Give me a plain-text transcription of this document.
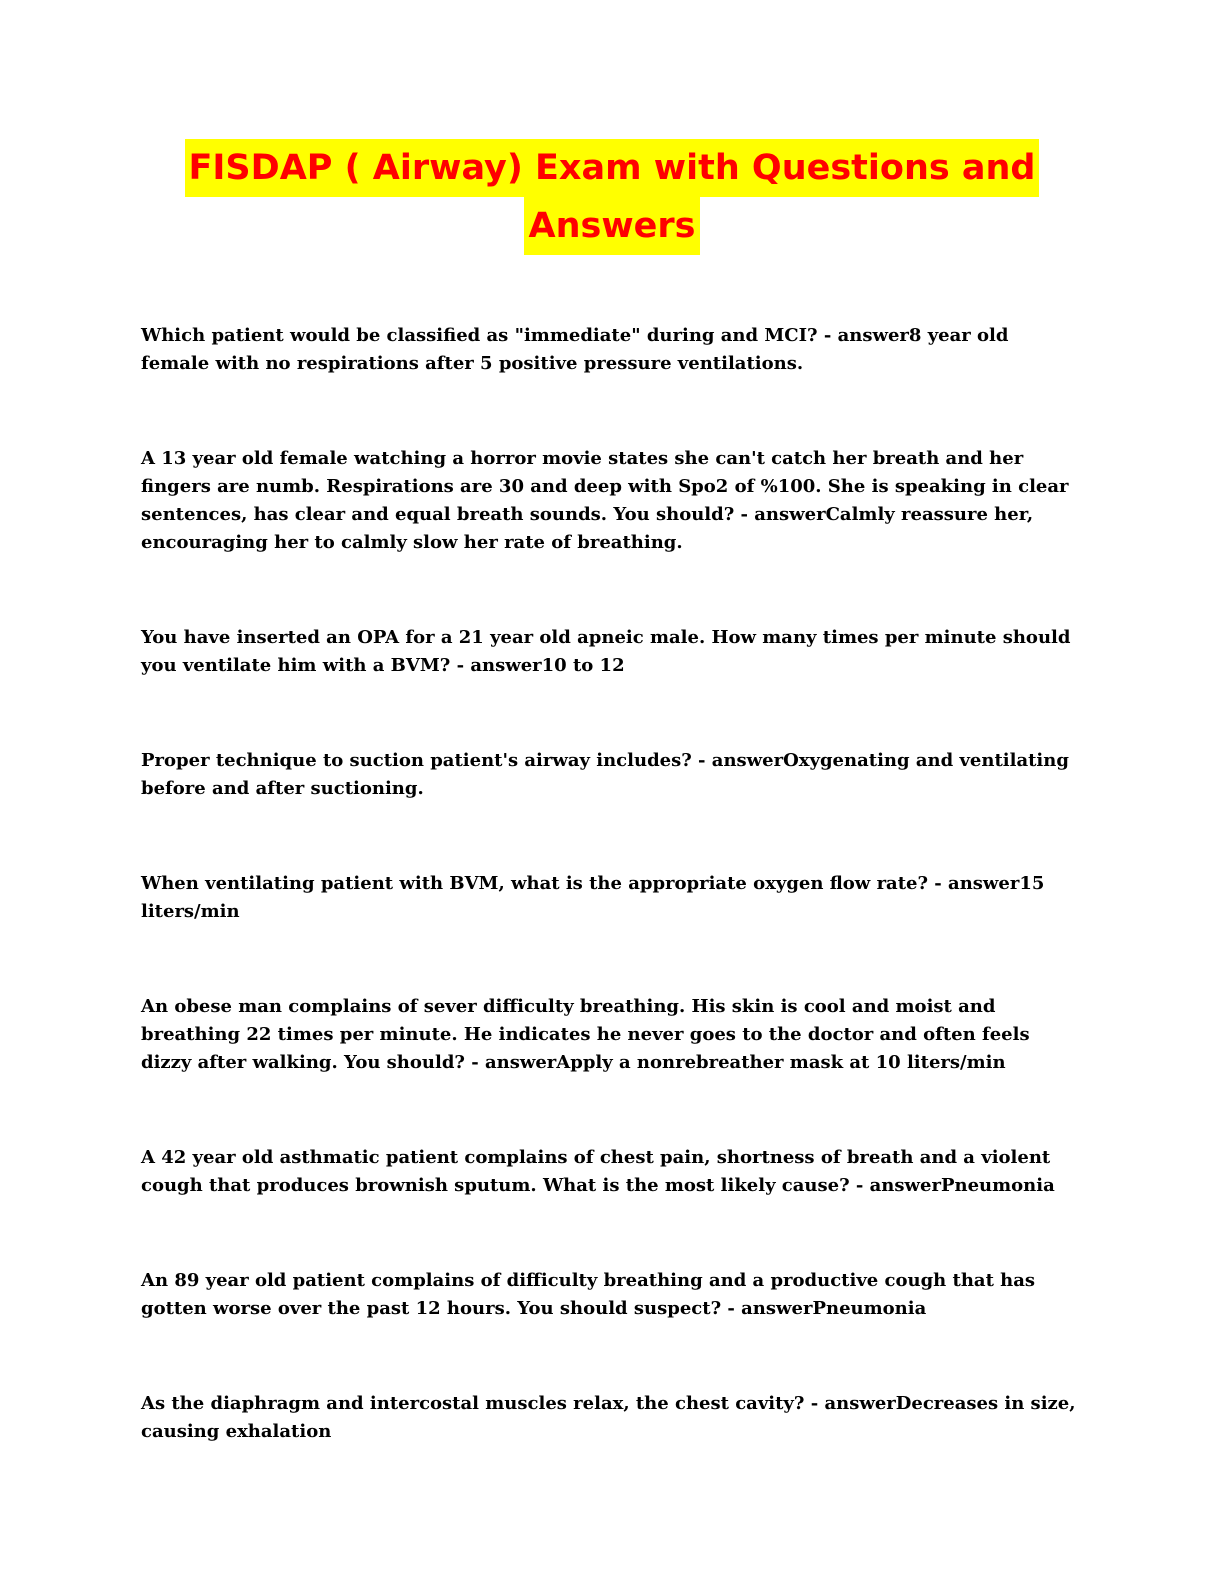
FISDAP ( Airway) Exam with Questions and
Answers

Which patient would be classified as "immediate" during and MCI? - answer8 year old female with no respirations after 5 positive pressure ventilations.

A 13 year old female watching a horror movie states she can't catch her breath and her fingers are numb. Respirations are 30 and deep with Spo2 of %100. She is speaking in clear sentences, has clear and equal breath sounds. You should? - answerCalmly reassure her, encouraging her to calmly slow her rate of breathing.

You have inserted an OPA for a 21 year old apneic male. How many times per minute should you ventilate him with a BVM? - answer10 to 12

Proper technique to suction patient's airway includes? - answerOxygenating and ventilating before and after suctioning.

When ventilating patient with BVM, what is the appropriate oxygen flow rate? - answer15 liters/min

An obese man complains of sever difficulty breathing. His skin is cool and moist and breathing 22 times per minute. He indicates he never goes to the doctor and often feels dizzy after walking. You should? - answerApply a nonrebreather mask at 10 liters/min

A 42 year old asthmatic patient complains of chest pain, shortness of breath and a violent cough that produces brownish sputum. What is the most likely cause? - answerPneumonia

An 89 year old patient complains of difficulty breathing and a productive cough that has gotten worse over the past 12 hours. You should suspect? - answerPneumonia

As the diaphragm and intercostal muscles relax, the chest cavity? - answerDecreases in size, causing exhalation
